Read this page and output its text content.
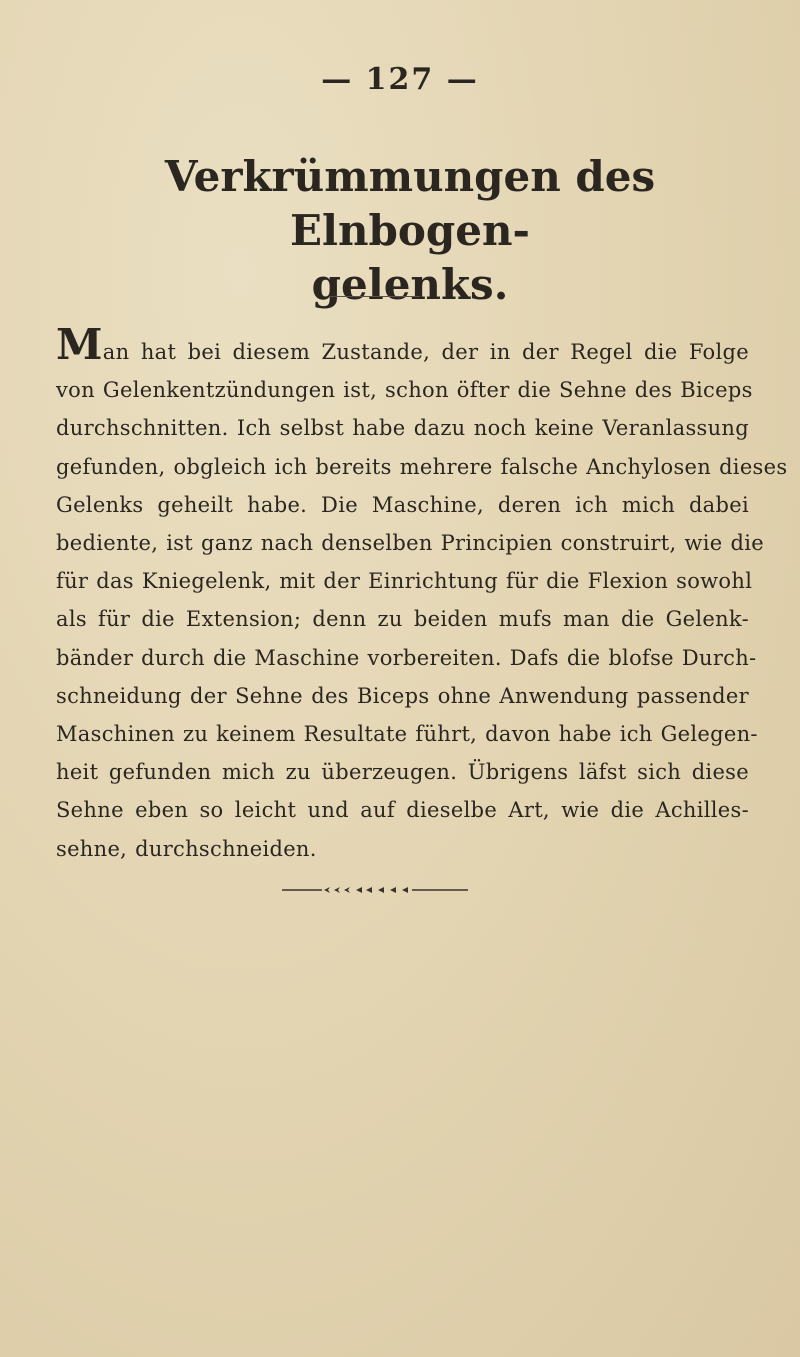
— 127 —
Verkrümmungen des Elnbogen-
gelenks.
Man hat bei diesem Zustande, der in der Regel die Folge
von Gelenkentzündungen ist, schon öfter die Sehne des Biceps
durchschnitten. Ich selbst habe dazu noch keine Veranlassung
gefunden, obgleich ich bereits mehrere falsche Anchylosen dieses
Gelenks geheilt habe. Die Maschine, deren ich mich dabei
bediente, ist ganz nach denselben Principien construirt, wie die
für das Kniegelenk, mit der Einrichtung für die Flexion sowohl
als für die Extension; denn zu beiden mufs man die Gelenk-
bänder durch die Maschine vorbereiten. Dafs die blofse Durch-
schneidung der Sehne des Biceps ohne Anwendung passender
Maschinen zu keinem Resultate führt, davon habe ich Gelegen-
heit gefunden mich zu überzeugen. Übrigens läfst sich diese
Sehne eben so leicht und auf dieselbe Art, wie die Achilles-
sehne, durchschneiden.
